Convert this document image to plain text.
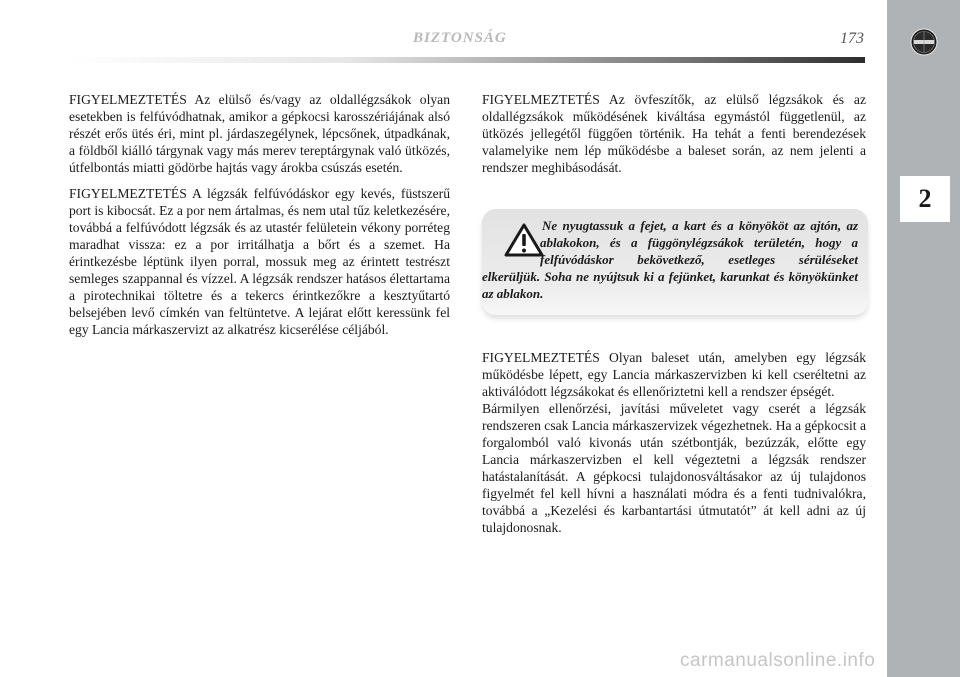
BIZTONSÁG	173
2

FIGYELMEZTETÉS Az elülső és/vagy az oldallégzsákok olyan esetekben is felfúvódhatnak, amikor a gépkocsi karosszériájának alsó részét erős ütés éri, mint pl. járdaszegélynek, lépcsőnek, útpadkának, a földből kiálló tárgynak vagy más merev tereptárgynak való ütközés, útfelbontás miatti gödörbe hajtás vagy árokba csúszás esetén.

FIGYELMEZTETÉS A légzsák felfúvódáskor egy kevés, füstszerű port is kibocsát. Ez a por nem ártalmas, és nem utal tűz keletkezésére, továbbá a felfúvódott légzsák és az utastér felületein vékony porréteg maradhat vissza: ez a por irritálhatja a bőrt és a szemet. Ha érintkezésbe léptünk ilyen porral, mossuk meg az érintett testrészt semleges szappannal és vízzel. A légzsák rendszer hatásos élettartama a pirotechnikai töltetre és a tekercs érintkezőkre a kesztyűtartó belsejében levő címkén van feltüntetve. A lejárat előtt keressünk fel egy Lancia márkaszervizt az alkatrész kicserélése céljából.

FIGYELMEZTETÉS Az övfeszítők, az elülső légzsákok és az oldallégzsákok működésének kiváltása egymástól függetlenül, az ütközés jellegétől függően történik. Ha tehát a fenti berendezések valamelyike nem lép működésbe a baleset során, az nem jelenti a rendszer meghibásodását.

Ne nyugtassuk a fejet, a kart és a könyököt az ajtón, az ablakokon, és a függönylégzsákok területén, hogy a felfúvódáskor bekövetkező, esetleges sérüléseket elkerüljük. Soha ne nyújtsuk ki a fejünket, karunkat és könyökünket az ablakon.

FIGYELMEZTETÉS Olyan baleset után, amelyben egy légzsák működésbe lépett, egy Lancia márkaszervizben ki kell cseréltetni az aktiválódott légzsákokat és ellenőriztetni kell a rendszer épségét.

Bármilyen ellenőrzési, javítási műveletet vagy cserét a légzsák rendszeren csak Lancia márkaszervizek végezhetnek. Ha a gépkocsit a forgalomból való kivonás után szétbontják, bezúzzák, előtte egy Lancia márkaszervizben el kell végeztetni a légzsák rendszer hatástalanítását. A gépkocsi tulajdonosváltásakor az új tulajdonos figyelmét fel kell hívni a használati módra és a fenti tudnivalókra, továbbá a „Kezelési és karbantartási útmutatót” át kell adni az új tulajdonosnak.

carmanualsonline.info
